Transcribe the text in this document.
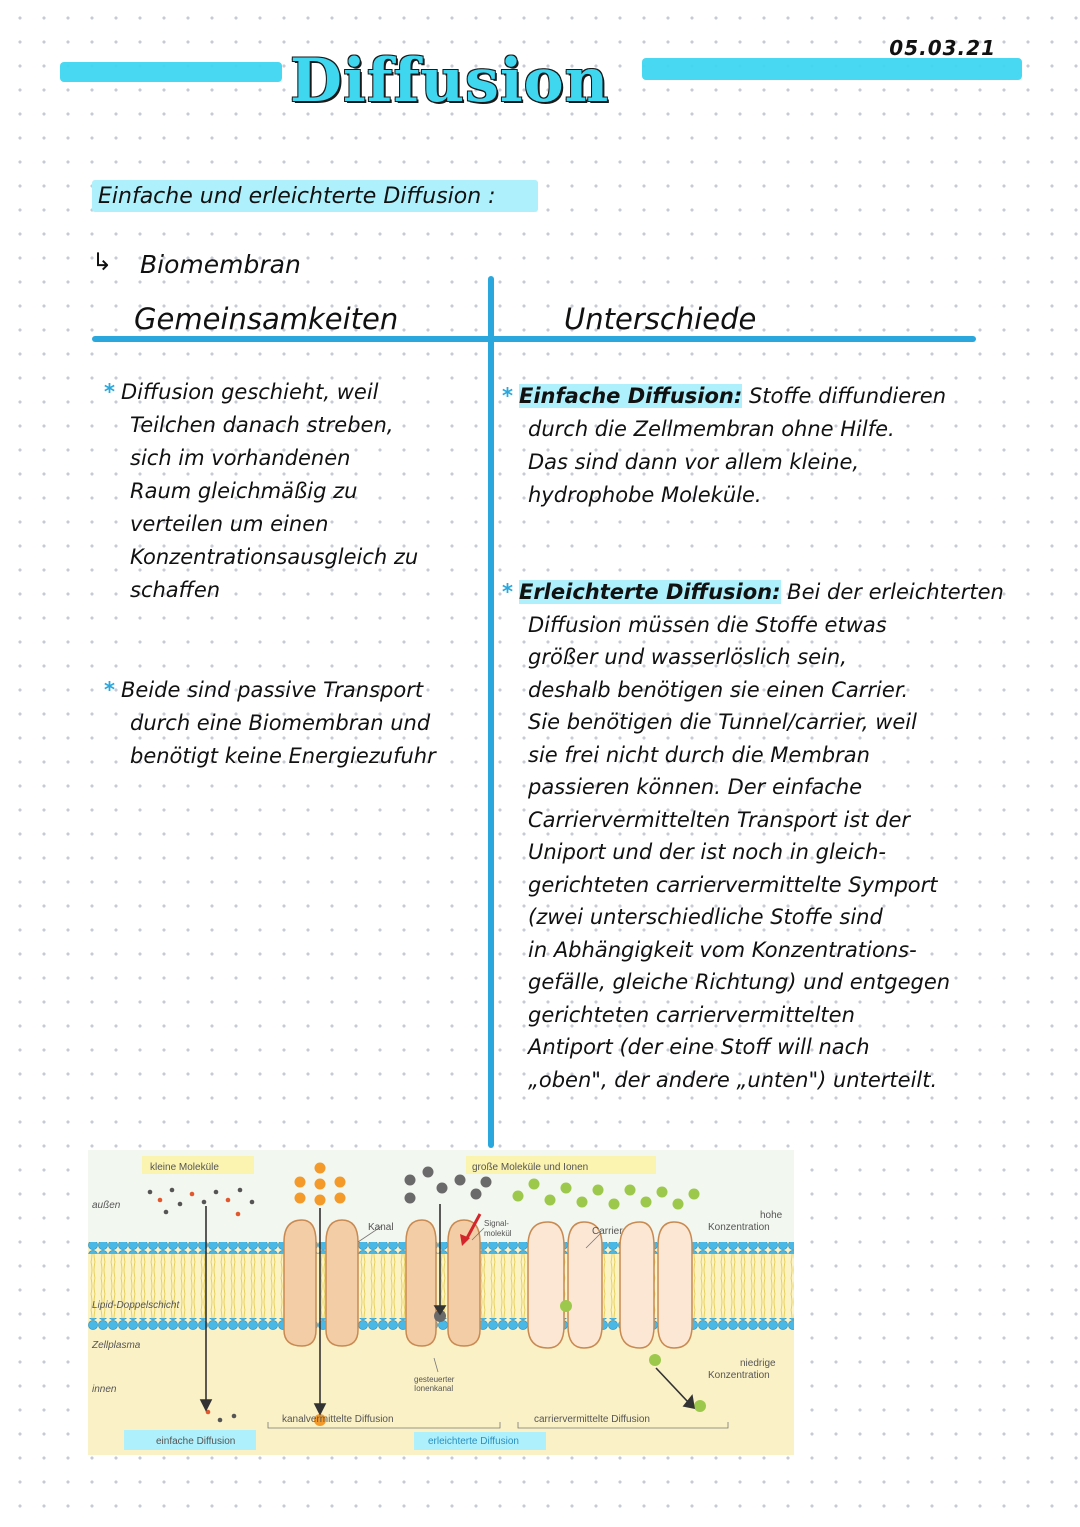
Diffusion	05.03.21
Einfache und erleichterte Diffusion :
↳ Biomembran
Gemeinsamkeiten	Unterschiede
* Diffusion geschieht, weil
Teilchen danach streben,
sich im vorhandenen
Raum gleichmäßig zu
verteilen um einen
Konzentrationsausgleich zu
schaffen
* Beide sind passive Transport
durch eine Biomembran und
benötigt keine Energiezufuhr
* Einfache Diffusion: Stoffe diffundieren
durch die Zellmembran ohne Hilfe.
Das sind dann vor allem kleine,
hydrophobe Moleküle.
* Erleichterte Diffusion: Bei der erleichterten
Diffusion müssen die Stoffe etwas
größer und wasserlöslich sein,
deshalb benötigen sie einen Carrier.
Sie benötigen die Tunnel/carrier, weil
sie frei nicht durch die Membran
passieren können. Der einfache
Carriervermittelten Transport ist der
Uniport und der ist noch in gleich-
gerichteten carriervermittelte Symport
(zwei unterschiedliche Stoffe sind
in Abhängigkeit vom Konzentrations-
gefälle, gleiche Richtung) und entgegen
gerichteten carriervermittelten
Antiport (der eine Stoff will nach
„oben", der andere „unten") unterteilt.
kleine Moleküle	große Moleküle und Ionen
außen
Lipid-Doppelschicht
Zellplasma
innen
Kanal	Signal-
molekül	Carrier
hohe
Konzentration
niedrige
Konzentration
gesteuerter
Ionenkanal
kanalvermittelte Diffusion	carriervermittelte Diffusion
einfache Diffusion	erleichterte Diffusion
